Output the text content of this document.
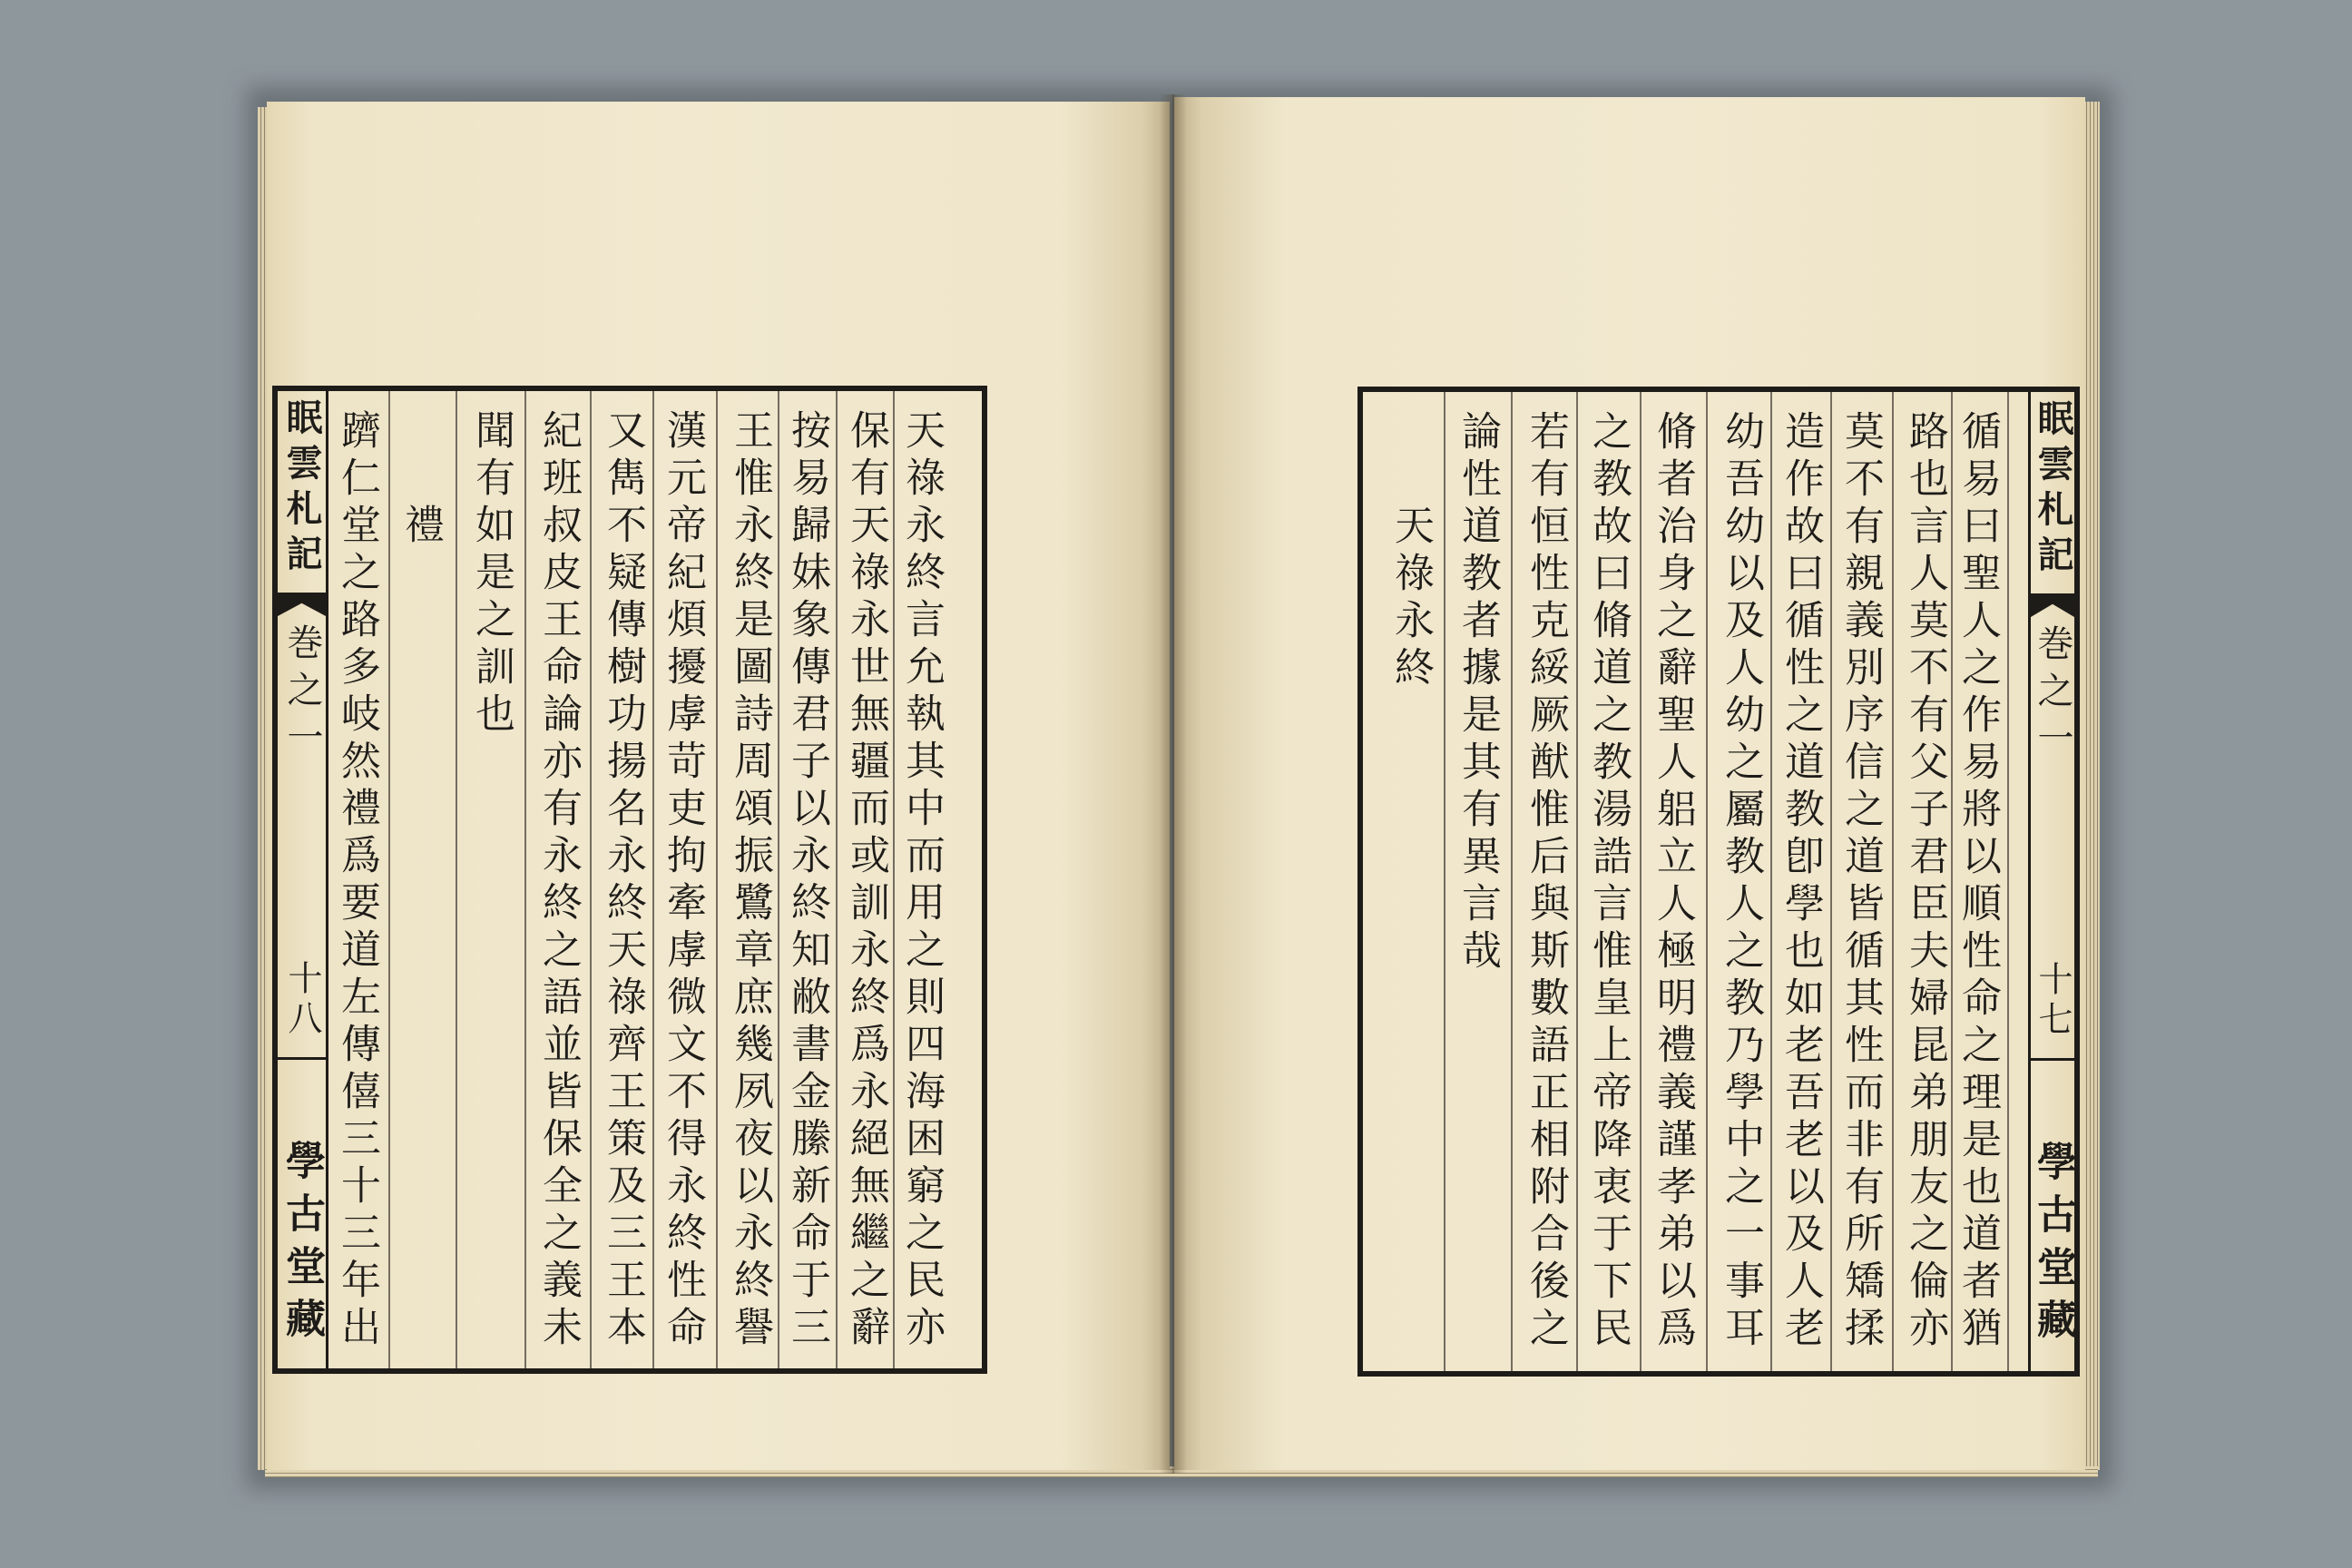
眠雲札記
巻之一
十八
學古堂藏	天祿永終言允執其中而用之則四海困窮之民亦
保有天祿永世無疆而或訓永終爲永絕無繼之辭
按易歸妹象傳君子以永終知敝書金縢新命于三
王惟永終是圖詩周頌振鷺章庶幾夙夜以永終譽
漢元帝紀煩擾虖苛吏拘牽虖微文不得永終性命
又雋不疑傳樹功揚名永終天祿齊王策及三王本
紀班叔皮王命論亦有永終之語並皆保全之義未
聞有如是之訓也
禮
躋仁堂之路多岐然禮爲要道左傳僖三十三年出	循易曰聖人之作易將以順性命之理是也道者猶
路也言人莫不有父子君臣夫婦昆弟朋友之倫亦
莫不有親義別序信之道皆循其性而非有所矯揉
造作故曰循性之道教卽學也如老吾老以及人老
幼吾幼以及人幼之屬教人之教乃學中之一事耳
脩者治身之辭聖人躳立人極明禮義謹孝弟以爲
之教故曰脩道之教湯誥言惟皇上帝降衷于下民
若有恒性克綏厥猷惟后與斯數語正相附合後之
論性道教者據是其有異言哉
天祿永終
眠雲札記
巻之一
十七
學古堂藏
